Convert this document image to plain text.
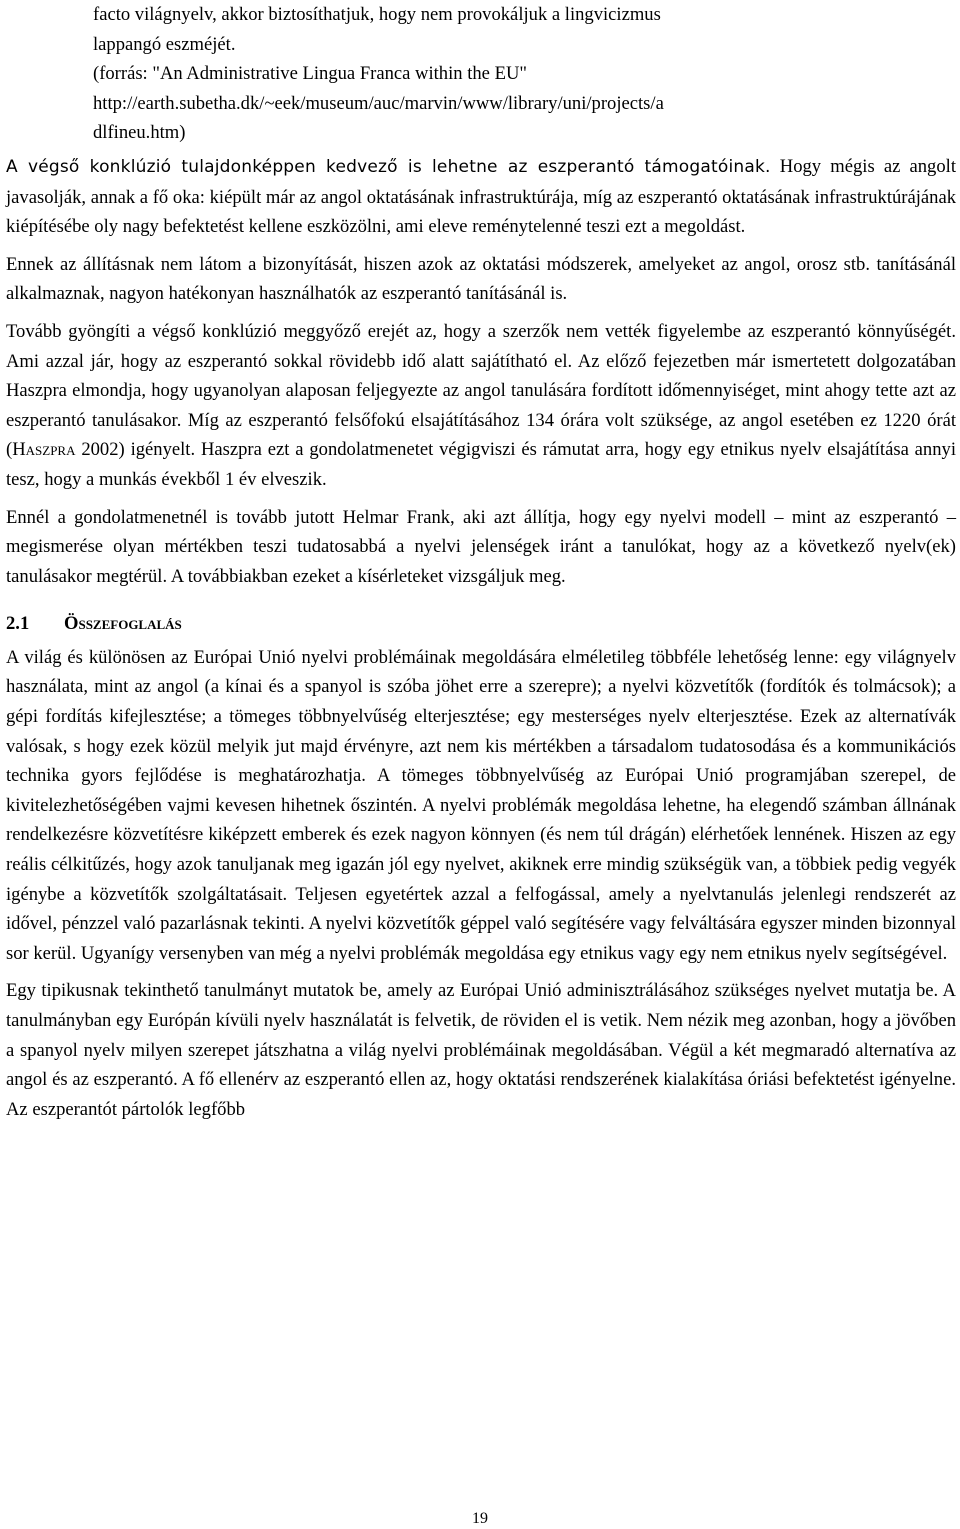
facto világnyelv, akkor biztosíthatjuk, hogy nem provokáljuk a lingvicizmus

lappangó eszméjét.

(forrás: "An Administrative Lingua Franca within the EU"

http://earth.subetha.dk/~eek/museum/auc/marvin/www/library/uni/projects/a

dlfineu.htm)

A végső konklúzió tulajdonképpen kedvező is lehetne az eszperantó támogatóinak. Hogy mégis az angolt javasolják, annak a fő oka: kiépült már az angol oktatásának infrastruktúrája, míg az eszperantó oktatásának infrastruktúrájának kiépítésébe oly nagy befektetést kellene eszközölni, ami eleve reménytelenné teszi ezt a megoldást.

Ennek az állításnak nem látom a bizonyítását, hiszen azok az oktatási módszerek, amelyeket az angol, orosz stb. tanításánál alkalmaznak, nagyon hatékonyan használhatók az eszperantó tanításánál is.

Tovább gyöngíti a végső konklúzió meggyőző erejét az, hogy a szerzők nem vették figyelembe az eszperantó könnyűségét. Ami azzal jár, hogy az eszperantó sokkal rövidebb idő alatt sajátítható el. Az előző fejezetben már ismertetett dolgozatában Haszpra elmondja, hogy ugyanolyan alaposan feljegyezte az angol tanulására fordított időmennyiséget, mint ahogy tette azt az eszperantó tanulásakor. Míg az eszperantó felsőfokú elsajátításához 134 órára volt szüksége, az angol esetében ez 1220 órát (Haszpra 2002) igényelt. Haszpra ezt a gondolatmenetet végigviszi és rámutat arra, hogy egy etnikus nyelv elsajátítása annyi tesz, hogy a munkás évekből 1 év elveszik.

Ennél a gondolatmenetnél is tovább jutott Helmar Frank, aki azt állítja, hogy egy nyelvi modell – mint az eszperantó – megismerése olyan mértékben teszi tudatosabbá a nyelvi jelenségek iránt a tanulókat, hogy az a következő nyelv(ek) tanulásakor megtérül. A továbbiakban ezeket a kísérleteket vizsgáljuk meg.

2.1 Összefoglalás

A világ és különösen az Európai Unió nyelvi problémáinak megoldására elméletileg többféle lehetőség lenne: egy világnyelv használata, mint az angol (a kínai és a spanyol is szóba jöhet erre a szerepre); a nyelvi közvetítők (fordítók és tolmácsok); a gépi fordítás kifejlesztése; a tömeges többnyelvűség elterjesztése; egy mesterséges nyelv elterjesztése. Ezek az alternatívák valósak, s hogy ezek közül melyik jut majd érvényre, azt nem kis mértékben a társadalom tudatosodása és a kommunikációs technika gyors fejlődése is meghatározhatja. A tömeges többnyelvűség az Európai Unió programjában szerepel, de kivitelezhetőségében vajmi kevesen hihetnek őszintén. A nyelvi problémák megoldása lehetne, ha elegendő számban állnának rendelkezésre közvetítésre kiképzett emberek és ezek nagyon könnyen (és nem túl drágán) elérhetőek lennének. Hiszen az egy reális célkitűzés, hogy azok tanuljanak meg igazán jól egy nyelvet, akiknek erre mindig szükségük van, a többiek pedig vegyék igénybe a közvetítők szolgáltatásait. Teljesen egyetértek azzal a felfogással, amely a nyelvtanulás jelenlegi rendszerét az idővel, pénzzel való pazarlásnak tekinti. A nyelvi közvetítők géppel való segítésére vagy felváltására egyszer minden bizonnyal sor kerül. Ugyanígy versenyben van még a nyelvi problémák megoldása egy etnikus vagy egy nem etnikus nyelv segítségével.

Egy tipikusnak tekinthető tanulmányt mutatok be, amely az Európai Unió adminisztrálásához szükséges nyelvet mutatja be. A tanulmányban egy Európán kívüli nyelv használatát is felvetik, de röviden el is vetik. Nem nézik meg azonban, hogy a jövőben a spanyol nyelv milyen szerepet játszhatna a világ nyelvi problémáinak megoldásában. Végül a két megmaradó alternatíva az angol és az eszperantó. A fő ellenérv az eszperantó ellen az, hogy oktatási rendszerének kialakítása óriási befektetést igényelne. Az eszperantót pártolók legfőbb

19
